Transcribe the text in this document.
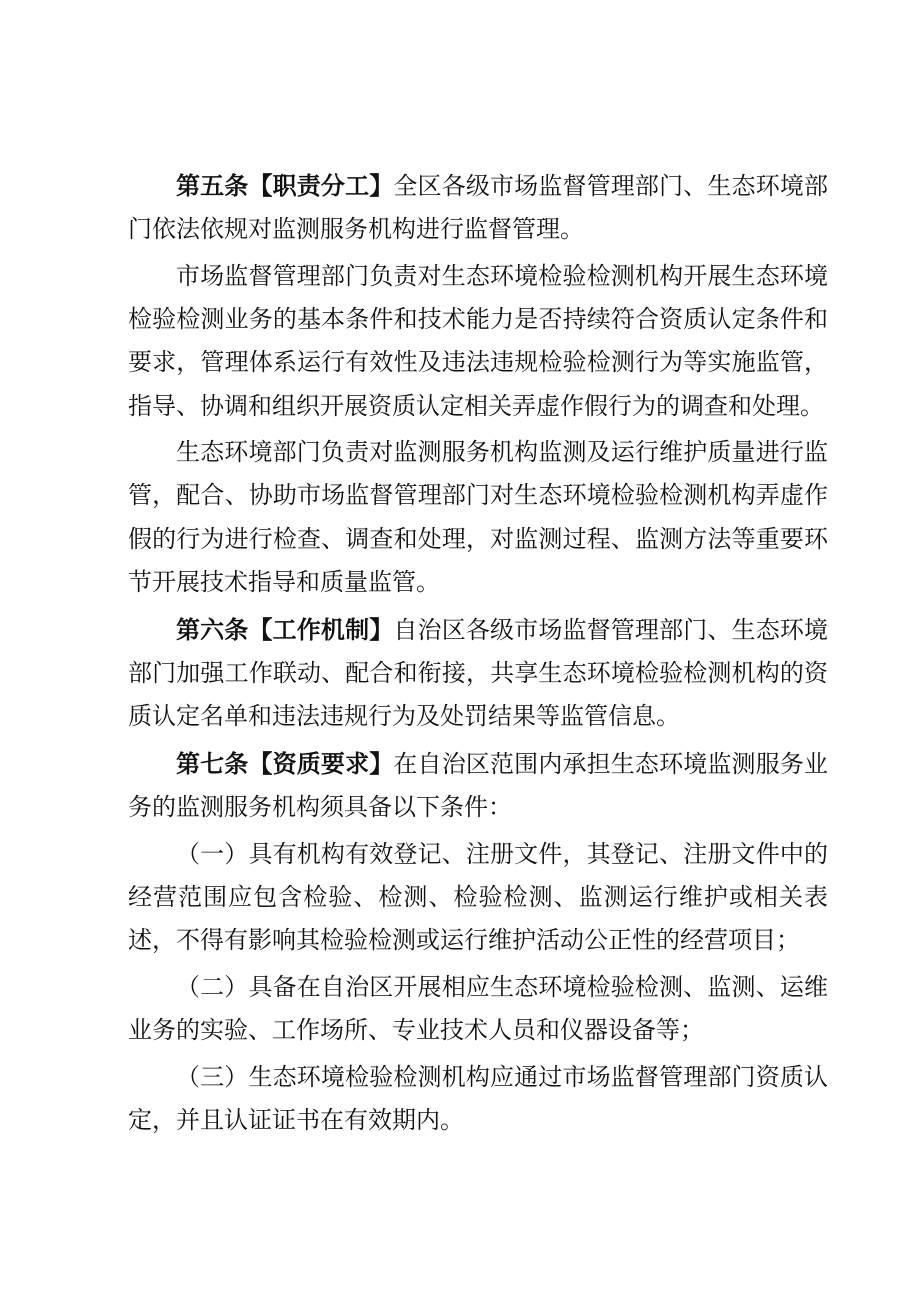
第五条【职责分工】全区各级市场监督管理部门、生态环境部门依法依规对监测服务机构进行监督管理。

市场监督管理部门负责对生态环境检验检测机构开展生态环境检验检测业务的基本条件和技术能力是否持续符合资质认定条件和要求，管理体系运行有效性及违法违规检验检测行为等实施监管，指导、协调和组织开展资质认定相关弄虚作假行为的调查和处理。

生态环境部门负责对监测服务机构监测及运行维护质量进行监管，配合、协助市场监督管理部门对生态环境检验检测机构弄虚作假的行为进行检查、调查和处理，对监测过程、监测方法等重要环节开展技术指导和质量监管。

第六条【工作机制】自治区各级市场监督管理部门、生态环境部门加强工作联动、配合和衔接，共享生态环境检验检测机构的资质认定名单和违法违规行为及处罚结果等监管信息。

第七条【资质要求】在自治区范围内承担生态环境监测服务业务的监测服务机构须具备以下条件：

（一）具有机构有效登记、注册文件，其登记、注册文件中的经营范围应包含检验、检测、检验检测、监测运行维护或相关表述，不得有影响其检验检测或运行维护活动公正性的经营项目；

（二）具备在自治区开展相应生态环境检验检测、监测、运维业务的实验、工作场所、专业技术人员和仪器设备等；

（三）生态环境检验检测机构应通过市场监督管理部门资质认定，并且认证证书在有效期内。
